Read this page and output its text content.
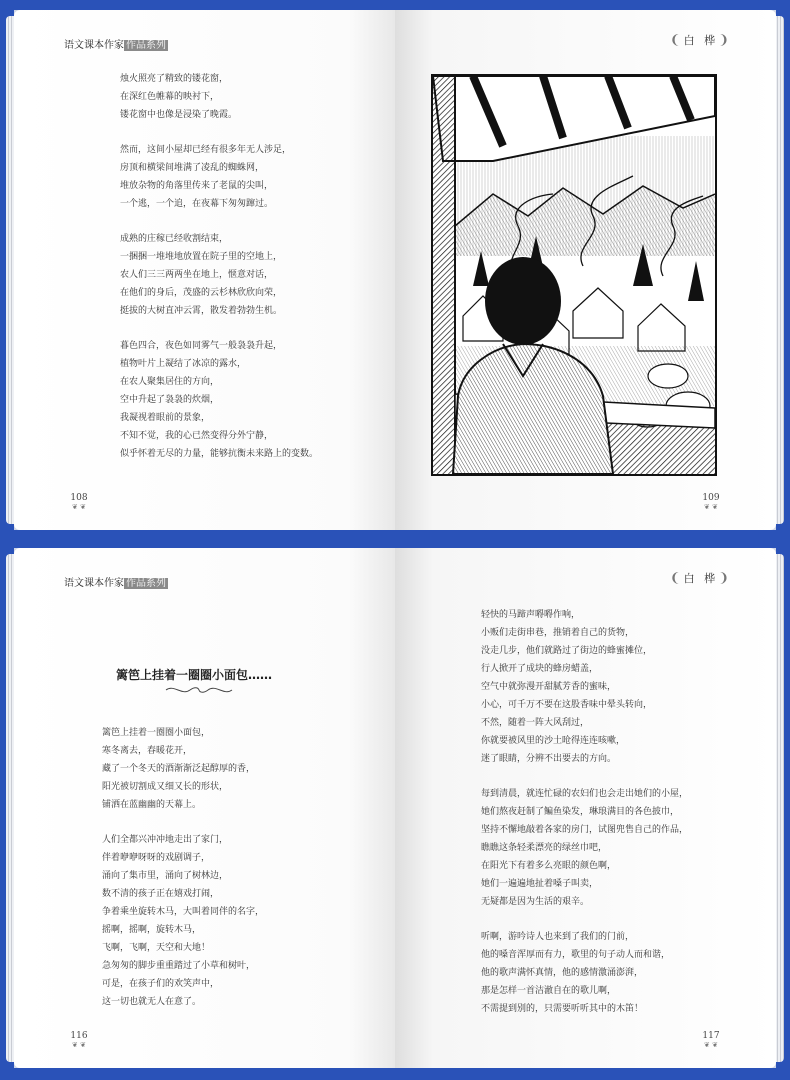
语文课本作家 作品系列
烛火照亮了精致的镂花窗，
在深红色帷幕的映衬下，
镂花窗中也像是浸染了晚霞。
然而，这间小屋却已经有很多年无人涉足，
房顶和横梁间堆满了凌乱的蜘蛛网，
堆放杂物的角落里传来了老鼠的尖叫，
一个逃，一个追，在夜幕下匆匆蹿过。
成熟的庄稼已经收割结束，
一捆捆一堆堆地放置在院子里的空地上，
农人们三三两两坐在地上，惬意对话，
在他们的身后，茂盛的云杉林欣欣向荣，
挺拔的大树直冲云霄，散发着勃勃生机。
暮色四合，夜色如同雾气一般袅袅升起，
植物叶片上凝结了冰凉的露水，
在农人聚集居住的方向，
空中升起了袅袅的炊烟，
我凝视着眼前的景象，
不知不觉，我的心已然变得分外宁静，
似乎怀着无尽的力量，能够抗衡未来路上的变数。
108
❦ ❦
❨白 桦❩
109
❦ ❦
语文课本作家 作品系列
篱笆上挂着一圈圈小面包……
篱笆上挂着一圈圈小面包，
寒冬离去，春暖花开，
藏了一个冬天的酒渐渐泛起醇厚的香，
阳光被切割成又细又长的形状，
铺洒在蓝幽幽的天幕上。
人们全都兴冲冲地走出了家门，
伴着咿咿呀呀的戏剧调子，
涌向了集市里，涌向了树林边，
数不清的孩子正在嬉戏打闹，
争着乘坐旋转木马，大叫着同伴的名字，
摇啊，摇啊，旋转木马，
飞啊，飞啊，天空和大地！
急匆匆的脚步重重踏过了小草和树叶，
可是，在孩子们的欢笑声中，
这一切也就无人在意了。
116
❦ ❦
❨白 桦❩
轻快的马蹄声嘚嘚作响，
小贩们走街串巷，推销着自己的货物，
没走几步，他们就路过了街边的蜂蜜摊位，
行人掀开了成块的蜂房蜡盖，
空气中就弥漫开甜腻芳香的蜜味，
小心，可千万不要在这股香味中晕头转向，
不然，随着一阵大风刮过，
你就要被风里的沙土呛得连连咳嗽，
迷了眼睛，分辨不出要去的方向。
每到清晨，就连忙碌的农妇们也会走出她们的小屋，
她们熬夜赶制了鳊鱼染发，琳琅满目的各色披巾，
坚持不懈地敲着各家的房门，试图兜售自己的作品，
瞧瞧这条轻柔漂亮的绿丝巾吧，
在阳光下有着多么亮眼的颜色啊，
她们一遍遍地扯着嗓子叫卖，
无疑都是因为生活的艰辛。
听啊，游吟诗人也来到了我们的门前，
他的嗓音浑厚而有力，歌里的句子动人而和谐，
他的歌声满怀真情，他的感情激涌澎湃，
那是怎样一首洁澈自在的歌儿啊，
不需提到别的，只需要听听其中的木笛！
117
❦ ❦
